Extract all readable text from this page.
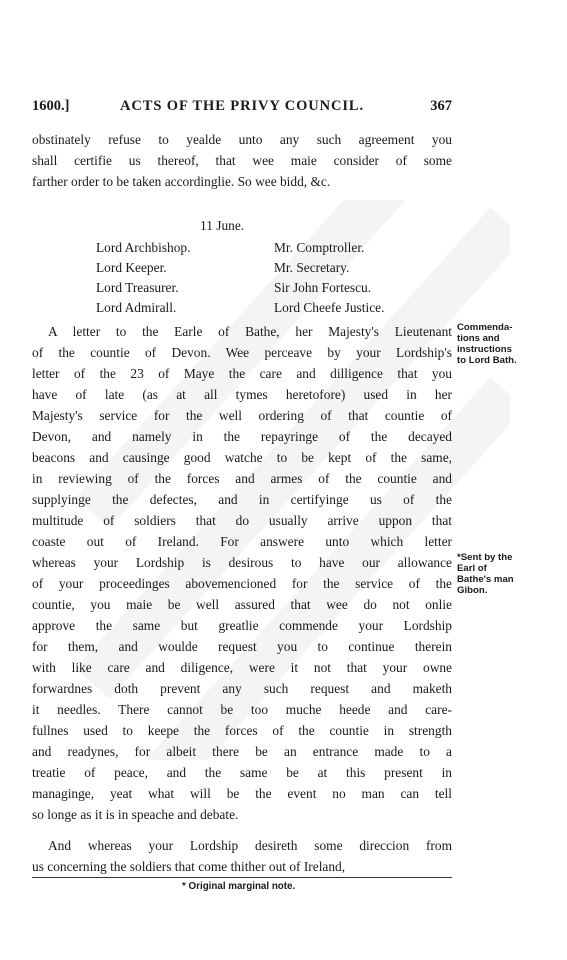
1600.]	ACTS OF THE PRIVY COUNCIL.	367
obstinately refuse to yealde unto any such agreement you
shall certifie us thereof, that wee maie consider of some
farther order to be taken accordinglie. So wee bidd, &c.
11 June.
Lord Archbishop.	Mr. Comptroller.
Lord Keeper.	Mr. Secretary.
Lord Treasurer.	Sir John Fortescu.
Lord Admirall.	Lord Cheefe Justice.
A letter to the Earle of Bathe, her Majesty's Lieutenant
of the countie of Devon. Wee perceave by your Lordship's
letter of the 23 of Maye the care and dilligence that you
have of late (as at all tymes heretofore) used in her
Majesty's service for the well ordering of that countie of
Devon, and namely in the repayringe of the decayed
beacons and causinge good watche to be kept of the same,
in reviewing of the forces and armes of the countie and
supplyinge the defectes, and in certifyinge us of the
multitude of soldiers that do usually arrive uppon that
coaste out of Ireland. For answere unto which letter
whereas your Lordship is desirous to have our allowance
of your proceedinges abovemencioned for the service of the
countie, you maie be well assured that wee do not onlie
approve the same but greatlie commende your Lordship
for them, and woulde request you to continue therein
with like care and diligence, were it not that your owne
forwardnes doth prevent any such request and maketh
it needles. There cannot be too muche heede and care-
fullnes used to keepe the forces of the countie in strength
and readynes, for albeit there be an entrance made to a
treatie of peace, and the same be at this present in
managinge, yeat what will be the event no man can tell
so longe as it is in speache and debate.
And whereas your Lordship desireth some direccion from
us concerning the soldiers that come thither out of Ireland,
Commenda-
tions and
instructions
to Lord Bath.
*Sent by the
Earl of
Bathe's man
Gibon.
* Original marginal note.
